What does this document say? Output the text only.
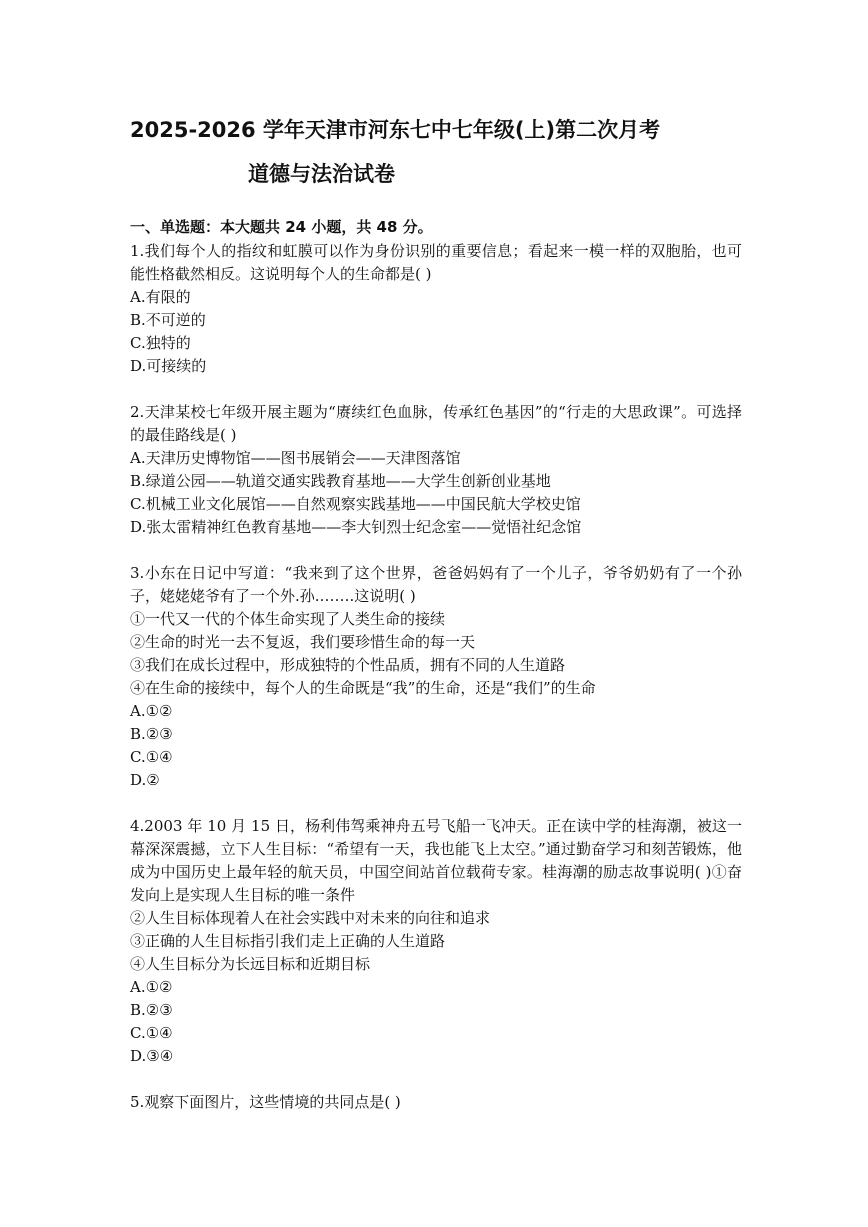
2025-2026 学年天津市河东七中七年级(上)第二次月考
道德与法治试卷
一、单选题：本大题共 24 小题，共 48 分。

1.我们每个人的指纹和虹膜可以作为身份识别的重要信息；看起来一模一样的双胞胎，也可能性格截然相反。这说明每个人的生命都是( )

A.有限的
B.不可逆的
C.独特的
D.可接续的

2.天津某校七年级开展主题为“赓续红色血脉，传承红色基因”的“行走的大思政课”。可选择的最佳路线是( )

A.天津历史博物馆——图书展销会——天津图落馆
B.绿道公园——轨道交通实践教育基地——大学生创新创业基地
C.机械工业文化展馆——自然观察实践基地——中国民航大学校史馆
D.张太雷精神红色教育基地——李大钊烈士纪念室——觉悟社纪念馆

3.小东在日记中写道：“我来到了这个世界，爸爸妈妈有了一个儿子，爷爷奶奶有了一个孙子，姥姥姥爷有了一个外.孙.…….这说明( )

①一代又一代的个体生命实现了人类生命的接续

②生命的时光一去不复返，我们要珍惜生命的每一天

③我们在成长过程中，形成独特的个性品质，拥有不同的人生道路

④在生命的接续中，每个人的生命既是“我”的生命，还是“我们”的生命

A.①②
B.②③
C.①④
D.②

4.2003 年 10 月 15 日，杨利伟驾乘神舟五号飞船一飞冲天。正在读中学的桂海潮，被这一幕深深震撼，立下人生目标：“希望有一天，我也能飞上太空。”通过勤奋学习和刻苦锻炼，他成为中国历史上最年轻的航天员，中国空间站首位载荷专家。桂海潮的励志故事说明( )①奋发向上是实现人生目标的唯一条件

②人生目标体现着人在社会实践中对未来的向往和追求

③正确的人生目标指引我们走上正确的人生道路

④人生目标分为长远目标和近期目标

A.①②
B.②③
C.①④
D.③④

5.观察下面图片，这些情境的共同点是( )
